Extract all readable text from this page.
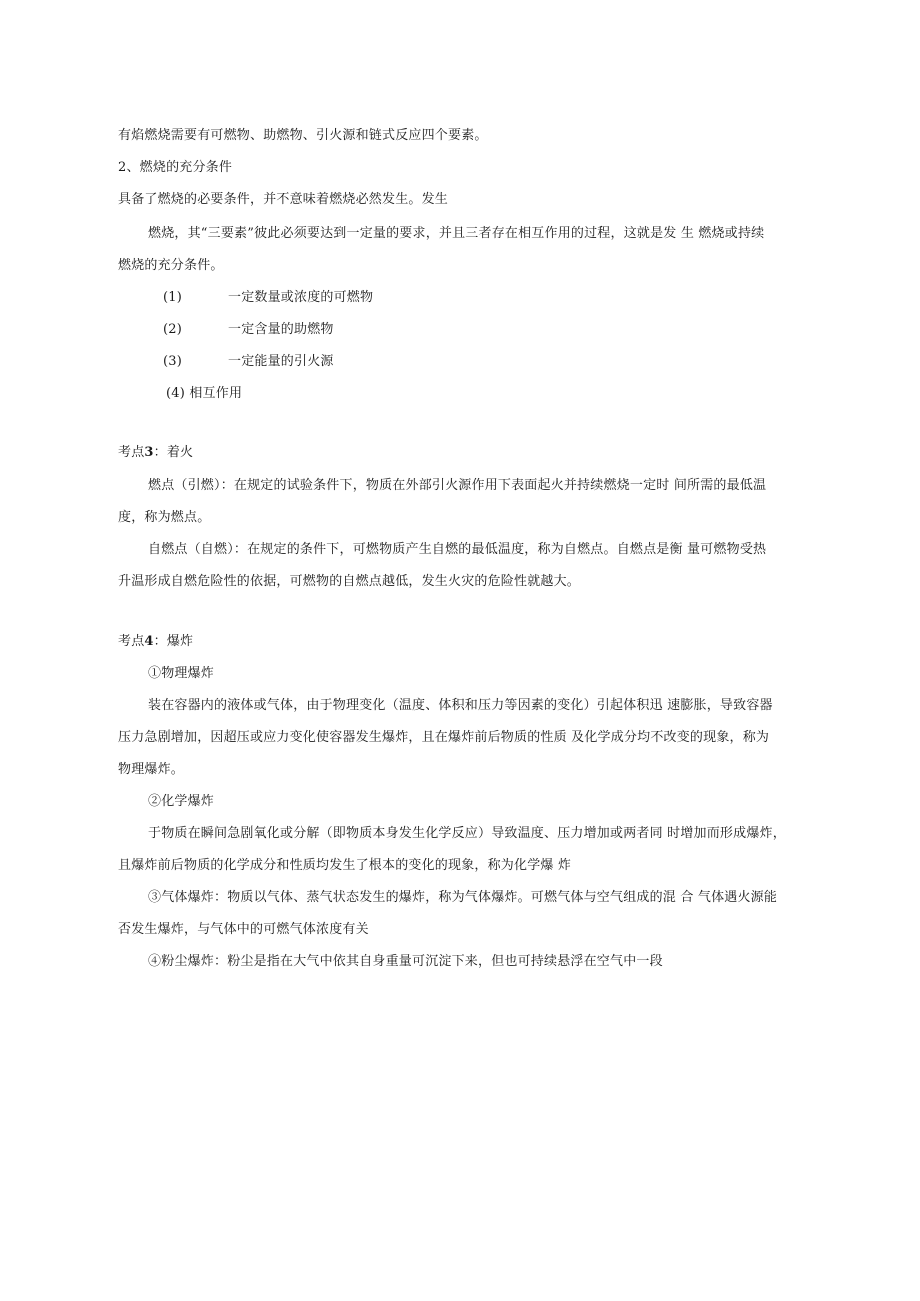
有焰燃烧需要有可燃物、助燃物、引火源和链式反应四个要素。
2、燃烧的充分条件
具备了燃烧的必要条件，并不意味着燃烧必然发生。发生
燃烧，其“三要素”彼此必须要达到一定量的要求，并且三者存在相互作用的过程，这就是发 生 燃烧或持续
燃烧的充分条件。
(1)	一定数量或浓度的可燃物
(2)	一定含量的助燃物
(3)	一定能量的引火源
(4) 相互作用
考点3：着火
燃点（引燃）：在规定的试验条件下，物质在外部引火源作用下表面起火并持续燃烧一定时 间所需的最低温
度，称为燃点。
自燃点（自燃）：在规定的条件下，可燃物质产生自燃的最低温度，称为自燃点。自燃点是衡 量可燃物受热
升温形成自燃危险性的依据，可燃物的自燃点越低，发生火灾的危险性就越大。
考点4：爆炸
①物理爆炸
装在容器内的液体或气体，由于物理变化（温度、体积和压力等因素的变化）引起体积迅 速膨胀，导致容器
压力急剧增加，因超压或应力变化使容器发生爆炸，且在爆炸前后物质的性质 及化学成分均不改变的现象，称为
物理爆炸。
②化学爆炸
于物质在瞬间急剧氧化或分解（即物质本身发生化学反应）导致温度、压力增加或两者同 时增加而形成爆炸，
且爆炸前后物质的化学成分和性质均发生了根本的变化的现象，称为化学爆 炸
③气体爆炸：物质以气体、蒸气状态发生的爆炸，称为气体爆炸。可燃气体与空气组成的混 合 气体遇火源能
否发生爆炸，与气体中的可燃气体浓度有关
④粉尘爆炸：粉尘是指在大气中依其自身重量可沉淀下来，但也可持续悬浮在空气中一段
